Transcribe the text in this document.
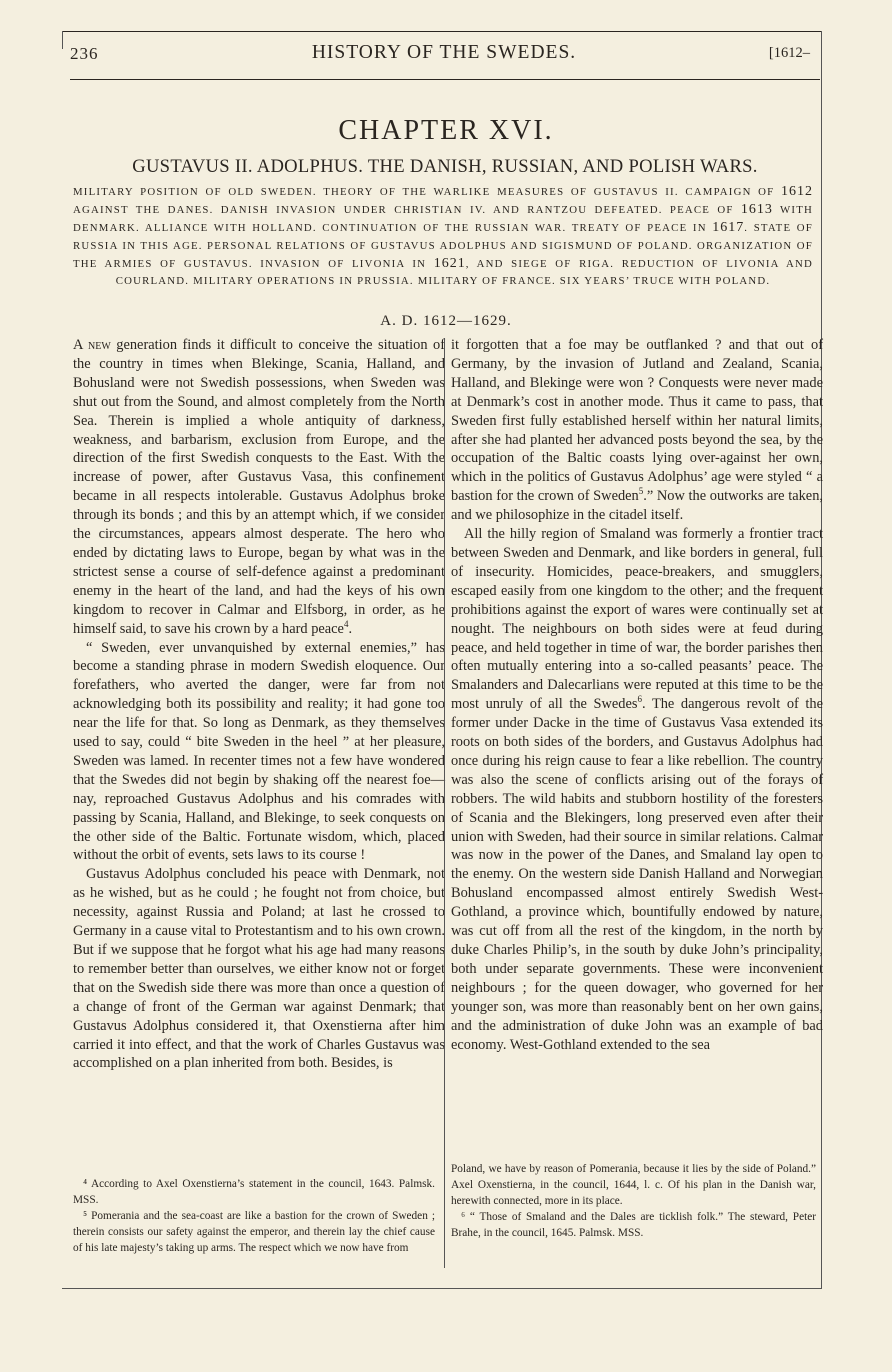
236	HISTORY OF THE SWEDES.	[1612–
CHAPTER XVI.
GUSTAVUS II. ADOLPHUS. THE DANISH, RUSSIAN, AND POLISH WARS.
MILITARY POSITION OF OLD SWEDEN. THEORY OF THE WARLIKE MEASURES OF GUSTAVUS II. CAMPAIGN OF 1612 AGAINST THE DANES. DANISH INVASION UNDER CHRISTIAN IV. AND RANTZOU DEFEATED. PEACE OF 1613 WITH DENMARK. ALLIANCE WITH HOLLAND. CONTINUATION OF THE RUSSIAN WAR. TREATY OF PEACE IN 1617. STATE OF RUSSIA IN THIS AGE. PERSONAL RELATIONS OF GUSTAVUS ADOLPHUS AND SIGISMUND OF POLAND. ORGANIZATION OF THE ARMIES OF GUSTAVUS. INVASION OF LIVONIA IN 1621, AND SIEGE OF RIGA. REDUCTION OF LIVONIA AND COURLAND. MILITARY OPERATIONS IN PRUSSIA. MILITARY OF FRANCE. SIX YEARS’ TRUCE WITH POLAND.
A. D. 1612—1629.

A new generation finds it difficult to conceive the situation of the country in times when Blekinge, Scania, Halland, and Bohusland were not Swedish possessions, when Sweden was shut out from the Sound, and almost completely from the North Sea. Therein is implied a whole antiquity of darkness, weakness, and barbarism, exclusion from Europe, and the direction of the first Swedish conquests to the East. With the increase of power, after Gustavus Vasa, this confinement became in all respects intolerable. Gustavus Adolphus broke through its bonds ; and this by an attempt which, if we consider the circumstances, appears almost desperate. The hero who ended by dictating laws to Europe, began by what was in the strictest sense a course of self-defence against a predominant enemy in the heart of the land, and had the keys of his own kingdom to recover in Calmar and Elfsborg, in order, as he himself said, to save his crown by a hard peace$^4$.

“ Sweden, ever unvanquished by external enemies,” has become a standing phrase in modern Swedish eloquence. Our forefathers, who averted the danger, were far from not acknowledging both its possibility and reality; it had gone too near the life for that. So long as Denmark, as they themselves used to say, could “ bite Sweden in the heel ” at her pleasure, Sweden was lamed. In recenter times not a few have wondered that the Swedes did not begin by shaking off the nearest foe—nay, reproached Gustavus Adolphus and his comrades with passing by Scania, Halland, and Blekinge, to seek conquests on the other side of the Baltic. Fortunate wisdom, which, placed without the orbit of events, sets laws to its course !

Gustavus Adolphus concluded his peace with Denmark, not as he wished, but as he could ; he fought not from choice, but necessity, against Russia and Poland; at last he crossed to Germany in a cause vital to Protestantism and to his own crown. But if we suppose that he forgot what his age had many reasons to remember better than ourselves, we either know not or forget that on the Swedish side there was more than once a question of a change of front of the German war against Denmark; that Gustavus Adolphus considered it, that Oxenstierna after him carried it into effect, and that the work of Charles Gustavus was accomplished on a plan inherited from both. Besides, is

it forgotten that a foe may be outflanked ? and that out of Germany, by the invasion of Jutland and Zealand, Scania, Halland, and Blekinge were won ? Conquests were never made at Denmark’s cost in another mode. Thus it came to pass, that Sweden first fully established herself within her natural limits, after she had planted her advanced posts beyond the sea, by the occupation of the Baltic coasts lying over-against her own, which in the politics of Gustavus Adolphus’ age were styled “ a bastion for the crown of Sweden$^5$.” Now the outworks are taken, and we philosophize in the citadel itself.

All the hilly region of Smaland was formerly a frontier tract between Sweden and Denmark, and like borders in general, full of insecurity. Homicides, peace-breakers, and smugglers, escaped easily from one kingdom to the other; and the frequent prohibitions against the export of wares were continually set at nought. The neighbours on both sides were at feud during peace, and held together in time of war, the border parishes then often mutually entering into a so-called peasants’ peace. The Smalanders and Dalecarlians were reputed at this time to be the most unruly of all the Swedes$^6$. The dangerous revolt of the former under Dacke in the time of Gustavus Vasa extended its roots on both sides of the borders, and Gustavus Adolphus had once during his reign cause to fear a like rebellion. The country was also the scene of conflicts arising out of the forays of robbers. The wild habits and stubborn hostility of the foresters of Scania and the Blekingers, long preserved even after their union with Sweden, had their source in similar relations. Calmar was now in the power of the Danes, and Smaland lay open to the enemy. On the western side Danish Halland and Norwegian Bohusland encompassed almost entirely Swedish West-Gothland, a province which, bountifully endowed by nature, was cut off from all the rest of the kingdom, in the north by duke Charles Philip’s, in the south by duke John’s principality, both under separate governments. These were inconvenient neighbours ; for the queen dowager, who governed for her younger son, was more than reasonably bent on her own gains, and the administration of duke John was an example of bad economy. West-Gothland extended to the sea

⁴ According to Axel Oxenstierna’s statement in the council, 1643. Palmsk. MSS.

⁵ Pomerania and the sea-coast are like a bastion for the crown of Sweden ; therein consists our safety against the emperor, and therein lay the chief cause of his late majesty’s taking up arms. The respect which we now have from

Poland, we have by reason of Pomerania, because it lies by the side of Poland.” Axel Oxenstierna, in the council, 1644, l. c. Of his plan in the Danish war, herewith connected, more in its place.

⁶ “ Those of Smaland and the Dales are ticklish folk.” The steward, Peter Brahe, in the council, 1645. Palmsk. MSS.
